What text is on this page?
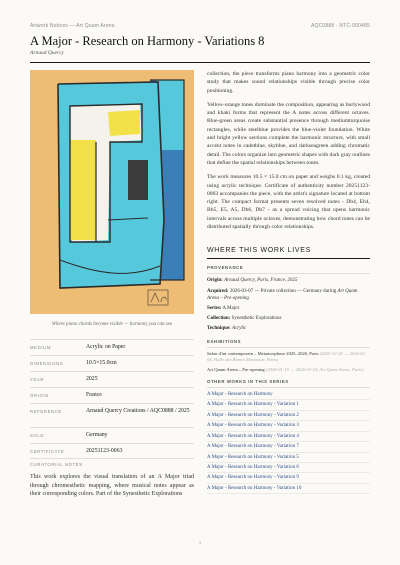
Artwork Notices — Art Quam Arena	AQC0888 · NTC-000485
A Major - Research on Harmony - Variations 8
Arnaud Quercy
Where piano chords become visible — harmony you can see
MEDIUM	Acrylic on Paper
DIMENSIONS	10.5×15.0cm
YEAR	2025
ORIGIN	France
REFERENCE	Arnaud Quercy Creations / AQC0888 / 2025
SOLD	Germany
CERTIFICATE	20251123-0063
CURATORIAL NOTES
This work explores the visual translation of an A Major triad through chromesthetic mapping, where musical notes appear as their corresponding colors. Part of the Synesthetic Explorations

collection, the piece transforms piano harmony into a geometric color study that makes sound relationships visible through precise color positioning.

Yellow-orange tones dominate the composition, appearing as burlywood and khaki forms that represent the A notes across different octaves. Blue-green areas create substantial presence through mediumturquoise rectangles, while steelblue provides the blue-violet foundation. White and bright yellow sections complete the harmonic structure, with small accent notes in cadetblue, skyblue, and darkseagreen adding chromatic detail. The colors organize into geometric shapes with dark gray outlines that define the spatial relationships between tones.

The work measures 10.5 × 15.0 cm on paper and weighs 0.1 kg, created using acrylic technique. Certificate of authenticity number 20251123-0063 accompanies the piece, with the artist's signature located at bottom right. The compact format presents seven resolved notes - Db4, Eb4, Bb5, E5, A5, Db6, Db7 - as a spread voicing that opens harmonic intervals across multiple octaves, demonstrating how chord tones can be distributed spatially through color relationships.

WHERE THIS WORK LIVES
PROVENANCE
Origin: Arnaud Quercy, Paris, France, 2025
Acquired: 2026-03-07 — Private collection — Germany during Art Quam Arena – Pre-opening
Series: A Major
Collection: Synesthetic Explorations
Technique: Acrylic
EXHIBITIONS
Salon d'art contemporain – Metamorphose 2025–2026, Paris (2025-12-26 → 2026-01-04, Halle des Blancs Manteaux, Paris)
Art Quam Arena – Pre-opening (2026-01-15 → 2026-03-16, Art Quam Arena, Paris)
OTHER WORKS IN THIS SERIES
A Major - Research on Harmony
A Major - Research on Harmony - Variation 1
A Major - Research on Harmony - Variation 2
A Major - Research on Harmony - Variation 3
A Major - Research on Harmony - Variation 4
A Major - Research on Harmony - Variation 7
A Major - Research on Harmony - Variation 5
A Major - Research on Harmony - Variation 6
A Major - Research on Harmony - Variation 9
A Major - Research on Harmony - Variation 10
1
